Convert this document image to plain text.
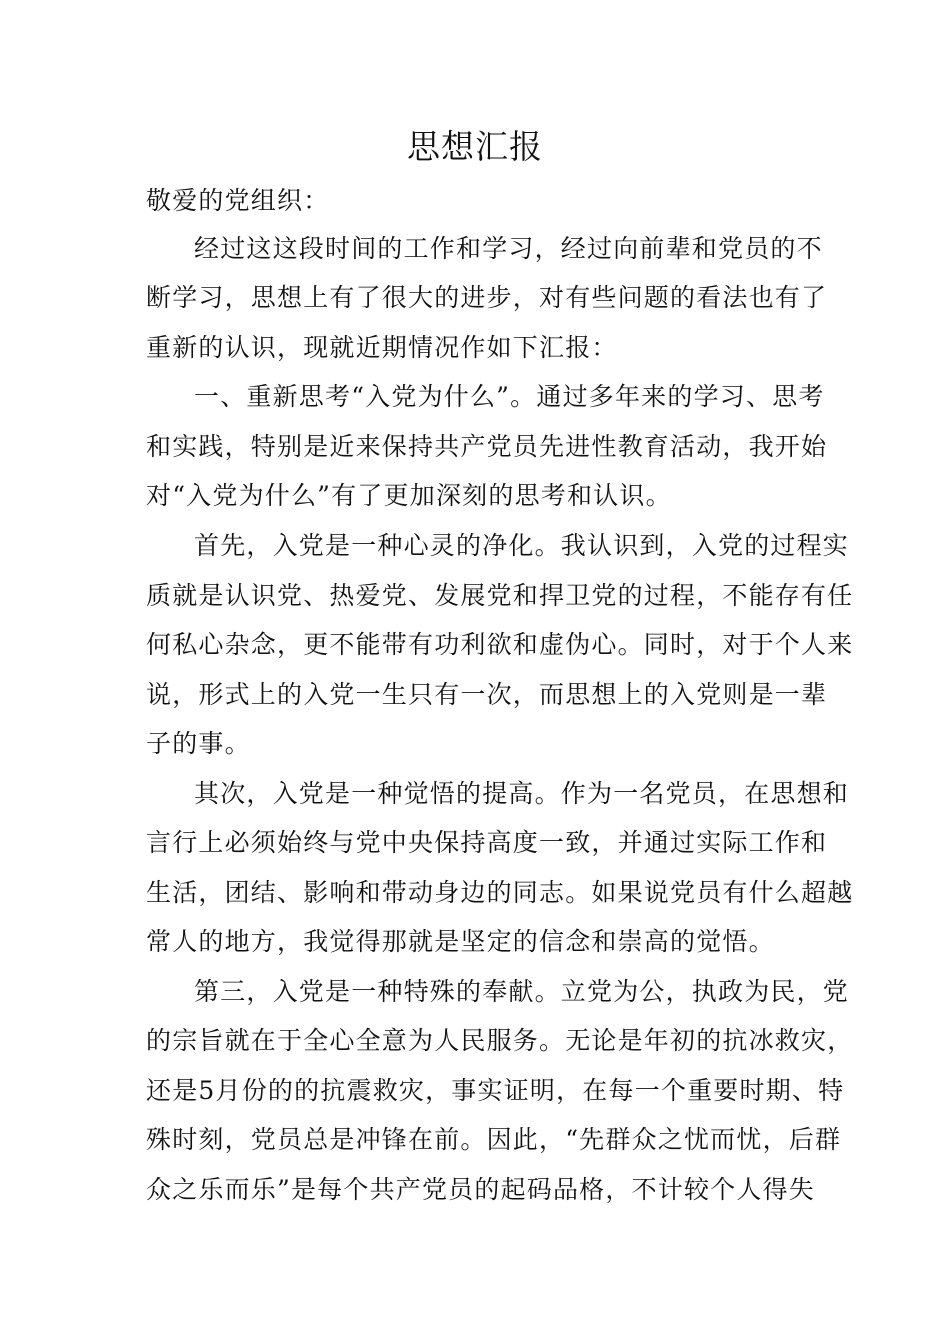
思想汇报
敬爱的党组织：
经过这这段时间的工作和学习，经过向前辈和党员的不
断学习，思想上有了很大的进步，对有些问题的看法也有了
重新的认识，现就近期情况作如下汇报：
一、重新思考“入党为什么”。通过多年来的学习、思考
和实践，特别是近来保持共产党员先进性教育活动，我开始
对“入党为什么”有了更加深刻的思考和认识。
首先，入党是一种心灵的净化。我认识到，入党的过程实
质就是认识党、热爱党、发展党和捍卫党的过程，不能存有任
何私心杂念，更不能带有功利欲和虚伪心。同时，对于个人来
说，形式上的入党一生只有一次，而思想上的入党则是一辈
子的事。
其次，入党是一种觉悟的提高。作为一名党员，在思想和
言行上必须始终与党中央保持高度一致，并通过实际工作和
生活，团结、影响和带动身边的同志。如果说党员有什么超越
常人的地方，我觉得那就是坚定的信念和崇高的觉悟。
第三，入党是一种特殊的奉献。立党为公，执政为民，党
的宗旨就在于全心全意为人民服务。无论是年初的抗冰救灾，
还是5月份的的抗震救灾，事实证明，在每一个重要时期、特
殊时刻，党员总是冲锋在前。因此，“先群众之忧而忧，后群
众之乐而乐”是每个共产党员的起码品格，不计较个人得失
